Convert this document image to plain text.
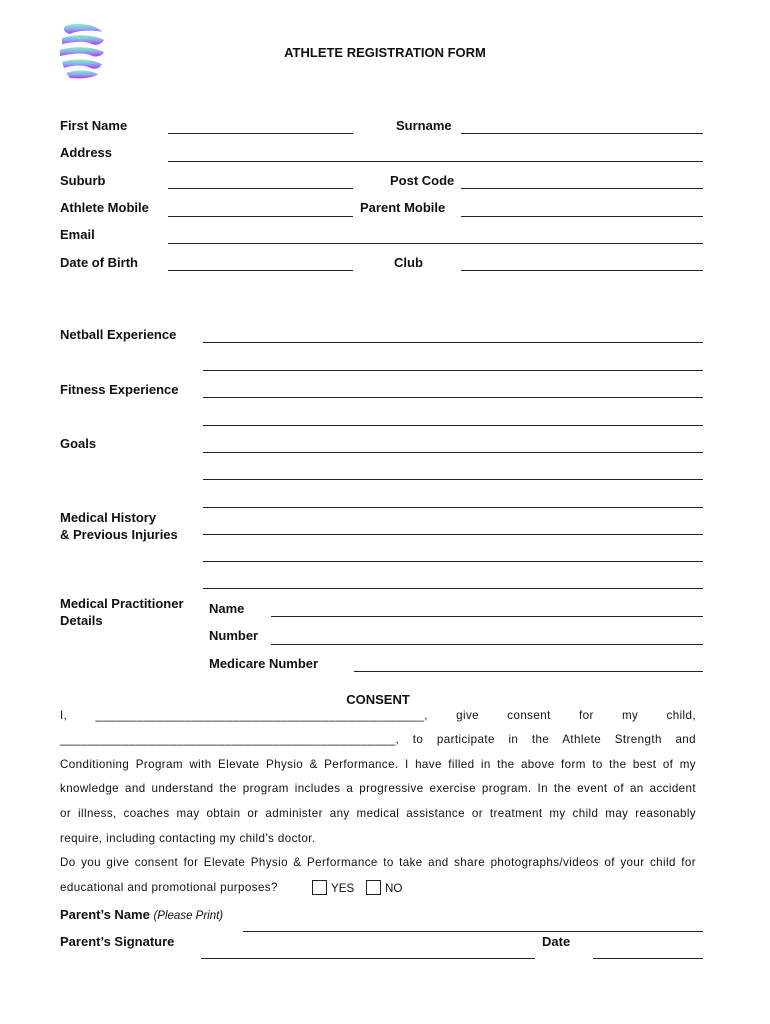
ATHLETE REGISTRATION FORM
First Name	Surname
Address
Suburb	Post Code
Athlete Mobile	Parent Mobile
Email
Date of Birth	Club
Netball Experience
Fitness Experience
Goals
Medical History
& Previous Injuries
Medical Practitioner
Details
Name
Number
Medicare Number
CONSENT
I, ________________________________________________, give consent for my child,
_________________________________________________, to participate in the Athlete Strength and
Conditioning Program with Elevate Physio & Performance. I have filled in the above form to the best of my
knowledge and understand the program includes a progressive exercise program. In the event of an accident
or illness, coaches may obtain or administer any medical assistance or treatment my child may reasonably
require, including contacting my child’s doctor.
Do you give consent for Elevate Physio & Performance to take and share photographs/videos of your child for
educational and promotional purposes?	YES	NO
Parent’s Name (Please Print)
Parent’s Signature	Date
